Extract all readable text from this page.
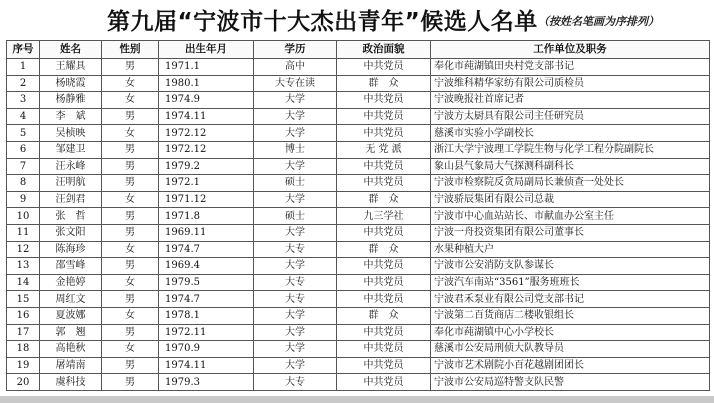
第九届“宁波市十大杰出青年”候选人名单 （按姓名笔画为序排列）
序号	姓名	性别	出生年月	学历	政治面貌	工作单位及职务
1	王耀具	男	1971.1	高中	中共党员	奉化市莼湖镇田央村党支部书记
2	杨晓霞	女	1980.1	大专在读	群　众	宁波维科精华家纺有限公司质检员
3	杨静雅	女	1974.9	大学	中共党员	宁波晚报社首席记者
4	李　斌	男	1974.11	大学	中共党员	宁波方太厨具有限公司主任研究员
5	吴桢映	女	1972.12	大学	中共党员	慈溪市实验小学副校长
6	邹建卫	男	1972.12	博士	无 党 派	浙江大学宁波理工学院生物与化学工程分院副院长
7	汪永峰	男	1979.2	大学	中共党员	象山县气象局大气探测科副科长
8	汪明航	男	1972.1	硕士	中共党员	宁波市检察院反贪局副局长兼侦查一处处长
9	汪剑君	女	1971.12	大学	群　众	宁波骄辰集团有限公司总裁
10	张　哲	男	1971.8	硕士	九三学社	宁波市中心血站站长、市献血办公室主任
11	张文阳	男	1969.11	大学	中共党员	宁波一舟投资集团有限公司董事长
12	陈海珍	女	1974.7	大专	群　众	水果种植大户
13	邵雪峰	男	1969.4	大学	中共党员	宁波市公安消防支队参谋长
14	金艳婷	女	1979.5	大专	中共党员	宁波汽车南站“3561”服务班班长
15	周红文	男	1974.7	大专	中共党员	宁波君禾泵业有限公司党支部书记
16	夏波娜	女	1978.1	大学	群　众	宁波第二百货商店二楼收银组长
17	郭　翘	男	1972.11	大学	中共党员	奉化市莼湖镇中心小学校长
18	高艳秋	女	1970.9	大学	中共党员	慈溪市公安局刑侦大队教导员
19	屠靖南	男	1974.11	大学	中共党员	宁波市艺术剧院小百花越剧团团长
20	虞科技	男	1979.3	大专	中共党员	宁波市公安局巡特警支队民警
